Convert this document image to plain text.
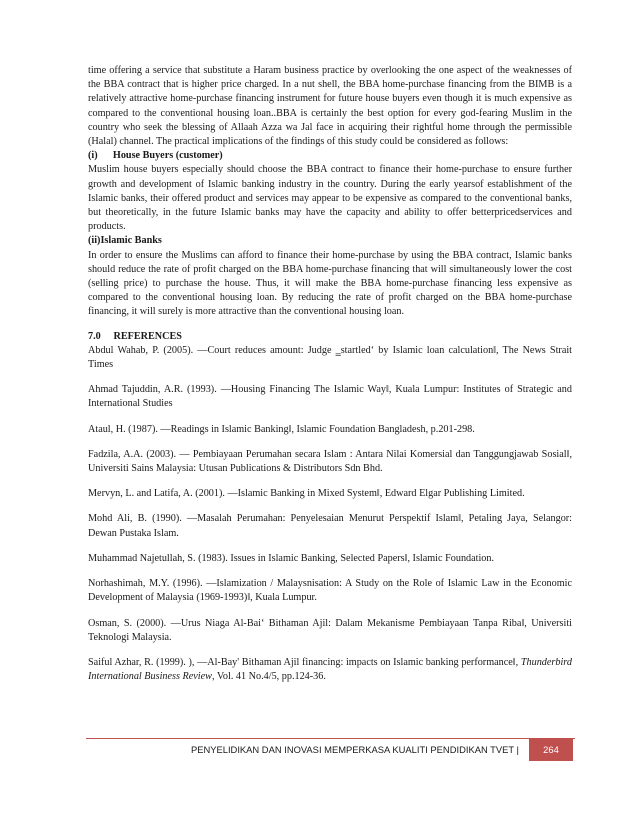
time offering a service that substitute a Haram business practice by overlooking the one aspect of the weaknesses of the BBA contract that is higher price charged. In a nut shell, the BBA home-purchase financing from the BIMB is a relatively attractive home-purchase financing instrument for future house buyers even though it is much expensive as compared to the conventional housing loan..BBA is certainly the best option for every god-fearing Muslim in the country who seek the blessing of Allaah Azza wa Jal face in acquiring their rightful home through the permissible (Halal) channel. The practical implications of the findings of this study could be considered as follows:

(i)      House Buyers (customer)

Muslim house buyers especially should choose the BBA contract to finance their home-purchase to ensure further growth and development of Islamic banking industry in the country. During the early yearsof establishment of the Islamic banks, their offered product and services may appear to be expensive as compared to the conventional banks, but theoretically, in the future Islamic banks may have the capacity and ability to offer betterpricedservices and products.

(ii)Islamic Banks

In order to ensure the Muslims can afford to finance their home-purchase by using the BBA contract, Islamic banks should reduce the rate of profit charged on the BBA home-purchase financing that will simultaneously lower the cost (selling price) to purchase the house. Thus, it will make the BBA home-purchase financing less expensive as compared to the conventional housing loan. By reducing the rate of profit charged on the BBA home-purchase financing, it will surely is more attractive than the conventional housing loan.

7.0     REFERENCES

Abdul Wahab, P. (2005). ―Court reduces amount: Judge ‗startled‘ by Islamic loan calculation‖, The News Strait Times

Ahmad Tajuddin, A.R. (1993). ―Housing Financing The Islamic Way‖, Kuala Lumpur: Institutes of Strategic and International Studies

Ataul, H. (1987). ―Readings in Islamic Banking‖, Islamic Foundation Bangladesh, p.201-298.

Fadzila, A.A. (2003). ― Pembiayaan Perumahan secara Islam : Antara Nilai Komersial dan Tanggungjawab Sosial‖, Universiti Sains Malaysia: Utusan Publications & Distributors Sdn Bhd.

Mervyn, L. and Latifa, A. (2001). ―Islamic Banking in Mixed System‖, Edward Elgar Publishing Limited.

Mohd Ali, B. (1990). ―Masalah Perumahan: Penyelesaian Menurut Perspektif Islam‖, Petaling Jaya, Selangor: Dewan Pustaka Islam.

Muhammad Najetullah, S. (1983). Issues in Islamic Banking, Selected Papers‖, Islamic Foundation.

Norhashimah, M.Y. (1996). ―Islamization / Malaysnisation: A Study on the Role of Islamic Law in the Economic Development of Malaysia (1969-1993)‖, Kuala Lumpur.

Osman, S. (2000). ―Urus Niaga Al-Bai‘ Bithaman Ajil: Dalam Mekanisme Pembiayaan Tanpa Riba‖, Universiti Teknologi Malaysia.

Saiful Azhar, R. (1999). ), ―Al-Bay' Bithaman Ajil financing: impacts on Islamic banking performance‖, Thunderbird International Business Review, Vol. 41 No.4/5, pp.124-36.

PENYELIDIKAN DAN INOVASI MEMPERKASA KUALITI PENDIDIKAN TVET |	264
